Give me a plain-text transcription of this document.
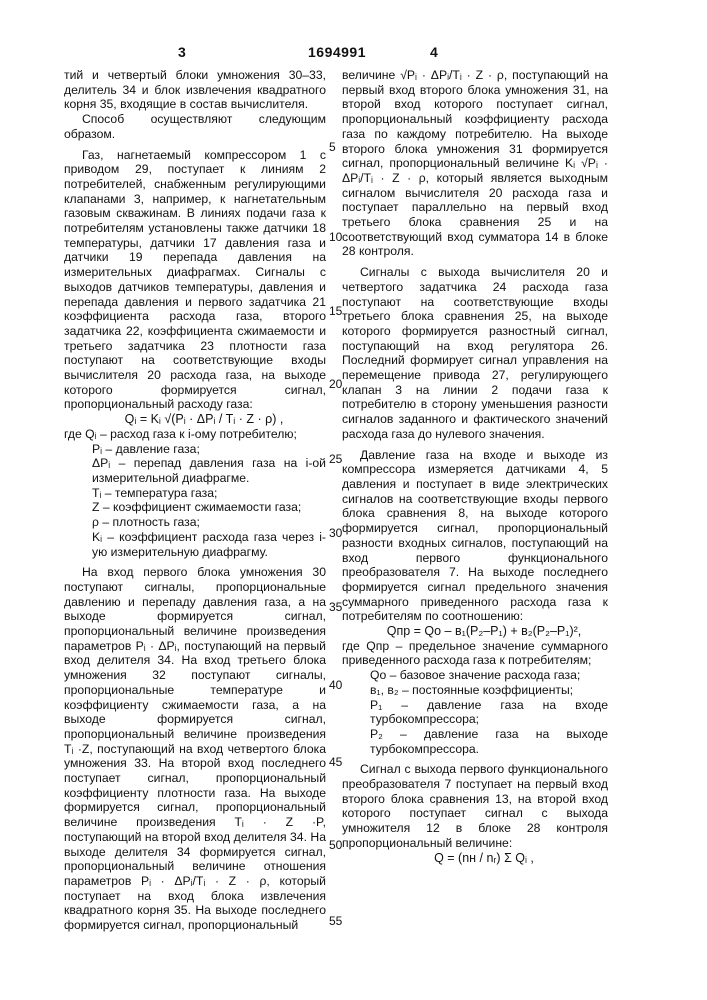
3	1694991	4
5
10
15
20
25
30
35
40
45
50
55

тий и четвертый блоки умножения 30–33, делитель 34 и блок извлечения квадратного корня 35, входящие в состав вычислителя.

Способ осуществляют следующим образом.

Газ, нагнетаемый компрессором 1 с приводом 29, поступает к линиям 2 потребителей, снабженным регулирующими клапанами 3, например, к нагнетательным газовым скважинам. В линиях подачи газа к потребителям установлены также датчики 18 температуры, датчики 17 давления газа и датчики 19 перепада давления на измерительных диафрагмах. Сигналы с выходов датчиков температуры, давления и перепада давления и первого задатчика 21 коэффициента расхода газа, второго задатчика 22, коэффициента сжимаемости и третьего задатчика 23 плотности газа поступают на соответствующие входы вычислителя 20 расхода газа, на выходе которого формируется сигнал, пропорциональный расходу газа:

Qᵢ = Kᵢ √(Pᵢ · ΔPᵢ / Tᵢ · Z · ρ) ,

где Qᵢ – расход газа к i-ому потребителю;

Pᵢ – давление газа;

ΔPᵢ – перепад давления газа на i-ой измерительной диафрагме.

Tᵢ – температура газа;

Z – коэффициент сжимаемости газа;

ρ – плотность газа;

Kᵢ – коэффициент расхода газа через i-ую измерительную диафрагму.

На вход первого блока умножения 30 поступают сигналы, пропорциональные давлению и перепаду давления газа, а на выходе формируется сигнал, пропорциональный величине произведения параметров Pᵢ · ΔPᵢ, поступающий на первый вход делителя 34. На вход третьего блока умножения 32 поступают сигналы, пропорциональные температуре и коэффициенту сжимаемости газа, а на выходе формируется сигнал, пропорциональный величине произведения Tᵢ ·Z, поступающий на вход четвертого блока умножения 33. На второй вход последнего поступает сигнал, пропорциональный коэффициенту плотности газа. На выходе формируется сигнал, пропорциональный величине произведения Tᵢ · Z ·P, поступающий на второй вход делителя 34. На выходе делителя 34 формируется сигнал, пропорциональный величине отношения параметров Pᵢ · ΔPᵢ/Tᵢ · Z · ρ, который поступает на вход блока извлечения квадратного корня 35. На выходе последнего формируется сигнал, пропорциональный

величине √Pᵢ · ΔPᵢ/Tᵢ · Z · ρ, поступающий на первый вход второго блока умножения 31, на второй вход которого поступает сигнал, пропорциональный коэффициенту расхода газа по каждому потребителю. На выходе второго блока умножения 31 формируется сигнал, пропорциональный величине Kᵢ √Pᵢ · ΔPᵢ/Tᵢ · Z · ρ, который является выходным сигналом вычислителя 20 расхода газа и поступает параллельно на первый вход третьего блока сравнения 25 и на соответствующий вход сумматора 14 в блоке 28 контроля.

Сигналы с выхода вычислителя 20 и четвертого задатчика 24 расхода газа поступают на соответствующие входы третьего блока сравнения 25, на выходе которого формируется разностный сигнал, поступающий на вход регулятора 26. Последний формирует сигнал управления на перемещение привода 27, регулирующего клапан 3 на линии 2 подачи газа к потребителю в сторону уменьшения разности сигналов заданного и фактического значений расхода газа до нулевого значения.

Давление газа на входе и выходе из компрессора измеряется датчиками 4, 5 давления и поступает в виде электрических сигналов на соответствующие входы первого блока сравнения 8, на выходе которого формируется сигнал, пропорциональный разности входных сигналов, поступающий на вход первого функционального преобразователя 7. На выходе последнего формируется сигнал предельного значения суммарного приведенного расхода газа к потребителям по соотношению:

Qпр = Qo – в₁(P₂–P₁) + в₂(P₂–P₁)²,

где Qпр – предельное значение суммарного приведенного расхода газа к потребителям;

Qo – базовое значение расхода газа;

в₁, в₂ – постоянные коэффициенты;

P₁ – давление газа на входе турбокомпрессора;

P₂ – давление газа на выходе турбокомпрессора.

Сигнал с выхода первого функционального преобразователя 7 поступает на первый вход второго блока сравнения 13, на второй вход которого поступает сигнал с выхода умножителя 12 в блоке 28 контроля пропорциональный величине:

Q = (nн / nᵣ) Σ Qᵢ ,
